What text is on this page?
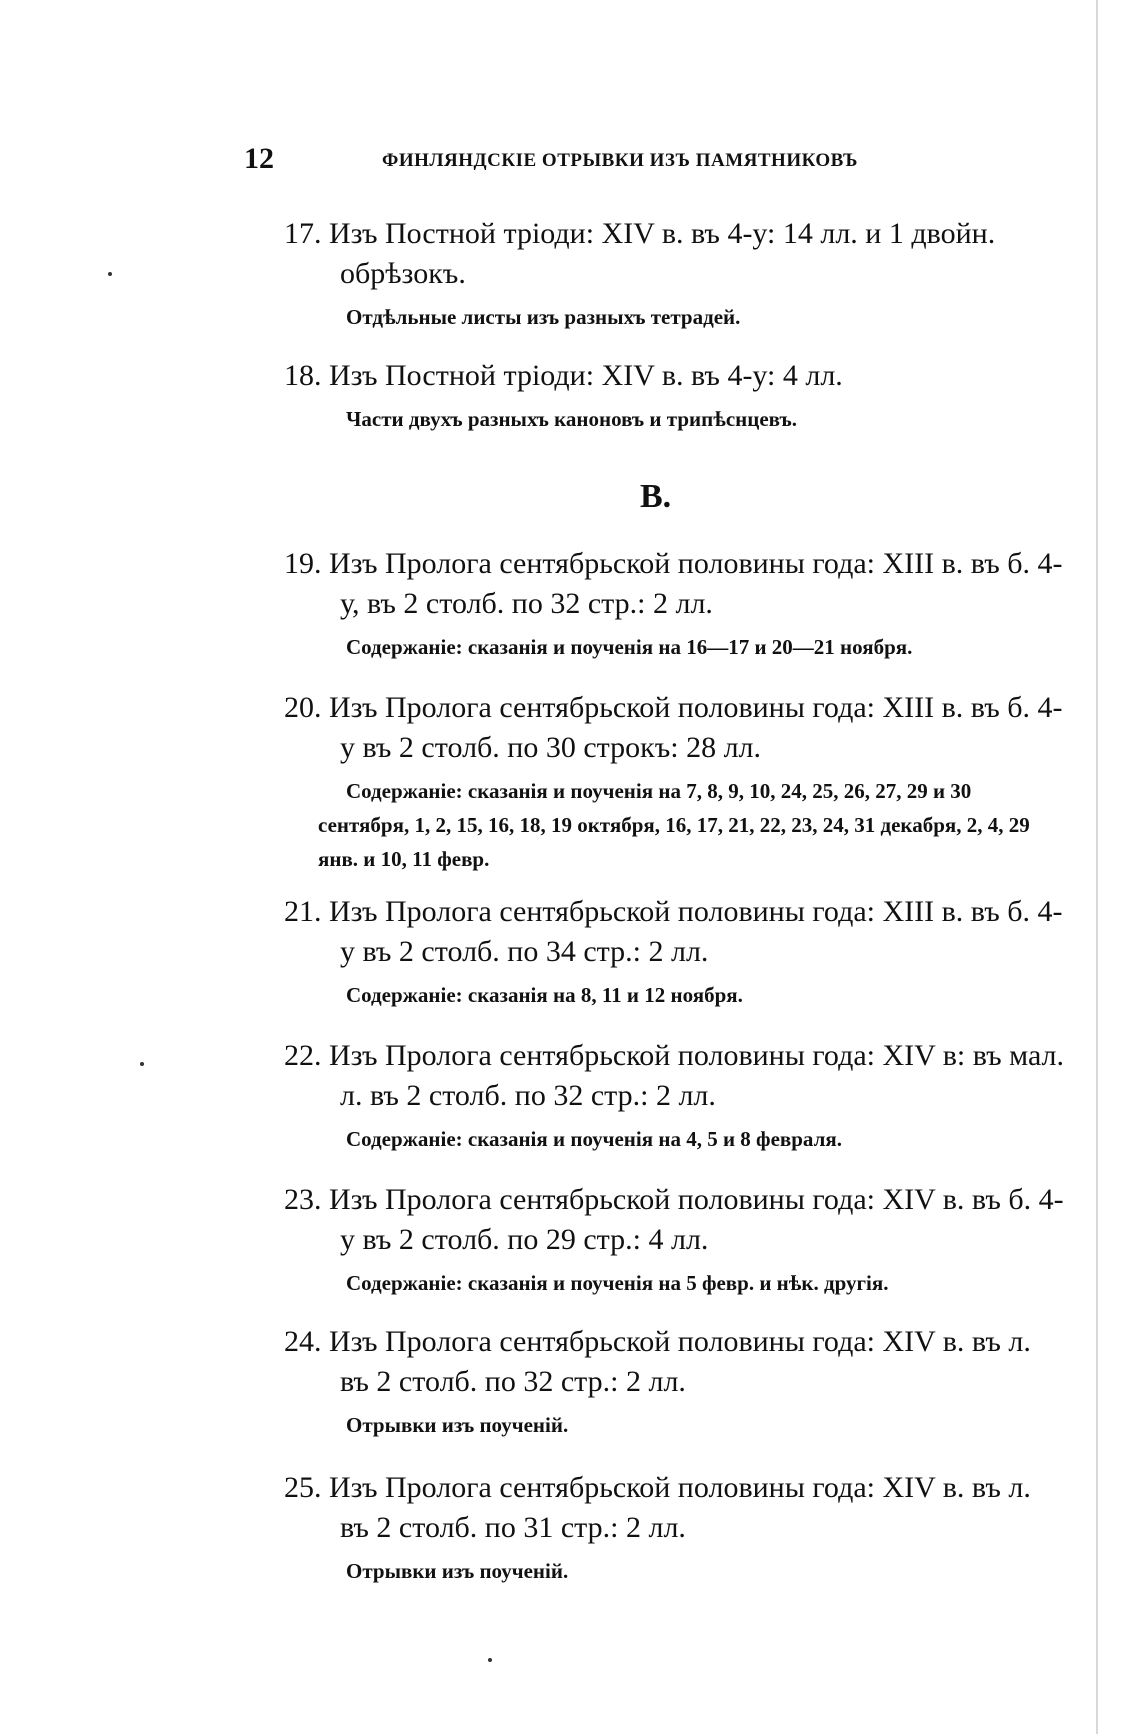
12	ФИНЛЯНДСКІЕ ОТРЫВКИ ИЗЪ ПАМЯТНИКОВЪ

17. Изъ Постной тріоди: XIV в. въ 4-у: 14 лл. и 1 двойн. обрѣзокъ.

Отдѣльные листы изъ разныхъ тетрадей.

18. Изъ Постной тріоди: XIV в. въ 4-у: 4 лл.

Части двухъ разныхъ каноновъ и трипѣснцевъ.
В.

19. Изъ Пролога сентябрьской половины года: XIII в. въ б. 4-у, въ 2 столб. по 32 стр.: 2 лл.

Содержаніе: сказанія и поученія на 16—17 и 20—21 ноября.

20. Изъ Пролога сентябрьской половины года: XIII в. въ б. 4-у въ 2 столб. по 30 строкъ: 28 лл.

Содержаніе: сказанія и поученія на 7, 8, 9, 10, 24, 25, 26, 27, 29 и 30 сентября, 1, 2, 15, 16, 18, 19 октября, 16, 17, 21, 22, 23, 24, 31 декабря, 2, 4, 29 янв. и 10, 11 февр.

21. Изъ Пролога сентябрьской половины года: XIII в. въ б. 4-у въ 2 столб. по 34 стр.: 2 лл.

Содержаніе: сказанія на 8, 11 и 12 ноября.

22. Изъ Пролога сентябрьской половины года: XIV в: въ мал. л. въ 2 столб. по 32 стр.: 2 лл.

Содержаніе: сказанія и поученія на 4, 5 и 8 февраля.

23. Изъ Пролога сентябрьской половины года: XIV в. въ б. 4-у въ 2 столб. по 29 стр.: 4 лл.

Содержаніе: сказанія и поученія на 5 февр. и нѣк. другія.

24. Изъ Пролога сентябрьской половины года: XIV в. въ л. въ 2 столб. по 32 стр.: 2 лл.

Отрывки изъ поученій.

25. Изъ Пролога сентябрьской половины года: XIV в. въ л. въ 2 столб. по 31 стр.: 2 лл.

Отрывки изъ поученій.
